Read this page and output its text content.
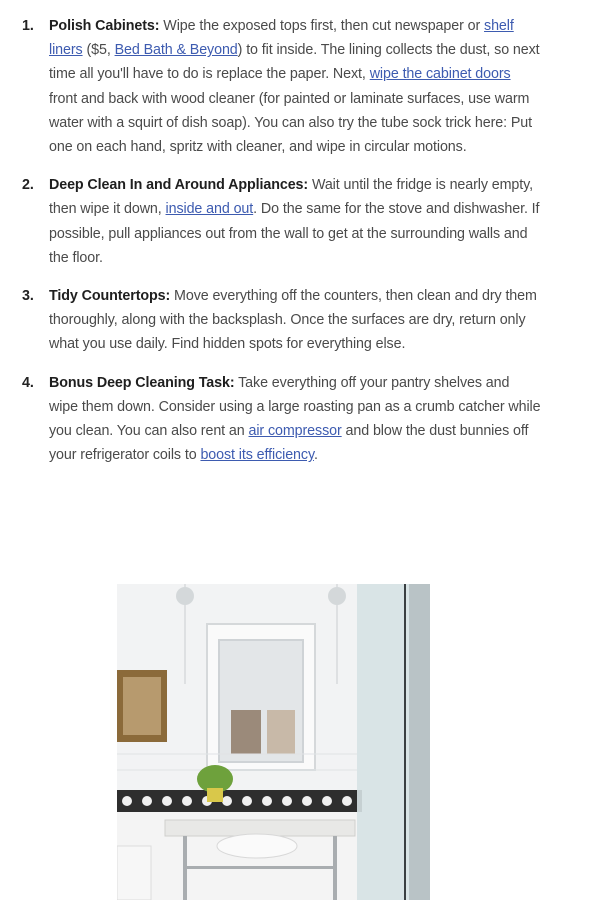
1. Polish Cabinets: Wipe the exposed tops first, then cut newspaper or shelf liners ($5, Bed Bath & Beyond) to fit inside. The lining collects the dust, so next time all you'll have to do is replace the paper. Next, wipe the cabinet doors front and back with wood cleaner (for painted or laminate surfaces, use warm water with a squirt of dish soap). You can also try the tube sock trick here: Put one on each hand, spritz with cleaner, and wipe in circular motions.
2. Deep Clean In and Around Appliances: Wait until the fridge is nearly empty, then wipe it down, inside and out. Do the same for the stove and dishwasher. If possible, pull appliances out from the wall to get at the surrounding walls and the floor.
3. Tidy Countertops: Move everything off the counters, then clean and dry them thoroughly, along with the backsplash. Once the surfaces are dry, return only what you use daily. Find hidden spots for everything else.
4. Bonus Deep Cleaning Task: Take everything off your pantry shelves and wipe them down. Consider using a large roasting pan as a crumb catcher while you clean. You can also rent an air compressor and blow the dust bunnies off your refrigerator coils to boost its efficiency.
